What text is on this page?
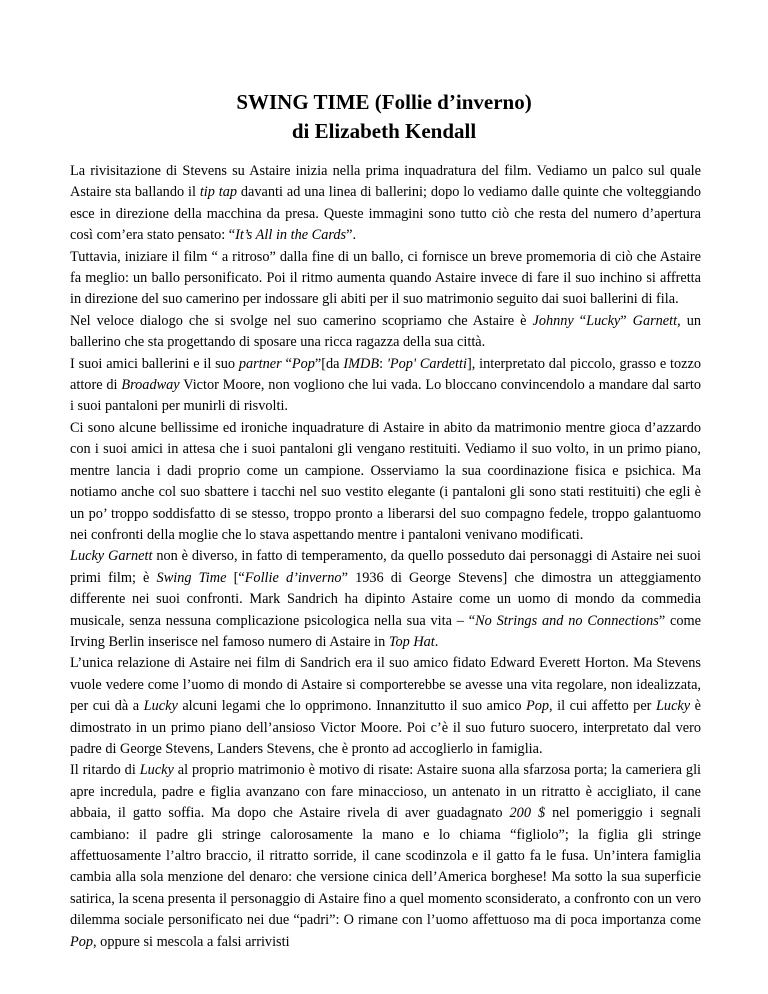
SWING TIME (Follie d’inverno)
di Elizabeth Kendall

La rivisitazione di Stevens su Astaire inizia nella prima inquadratura del film. Vediamo un palco sul quale Astaire sta ballando il tip tap davanti ad una linea di ballerini; dopo lo vediamo dalle quinte che volteggiando esce in direzione della macchina da presa. Queste immagini sono tutto ciò che resta del numero d’apertura così com’era stato pensato: “It’s All in the Cards”.

Tuttavia, iniziare il film “ a ritroso” dalla fine di un ballo, ci fornisce un breve promemoria di ciò che Astaire fa meglio: un ballo personificato. Poi il ritmo aumenta quando Astaire invece di fare il suo inchino si affretta in direzione del suo camerino per indossare gli abiti per il suo matrimonio seguito dai suoi ballerini di fila.

Nel veloce dialogo che si svolge nel suo camerino scopriamo che Astaire è Johnny “Lucky” Garnett, un ballerino che sta progettando di sposare una ricca ragazza della sua città.

I suoi amici ballerini e il suo partner “Pop”[da IMDB: 'Pop' Cardetti], interpretato dal piccolo, grasso e tozzo attore di Broadway Victor Moore, non vogliono che lui vada. Lo bloccano convincendolo a mandare dal sarto i suoi pantaloni per munirli di risvolti.

Ci sono alcune bellissime ed ironiche inquadrature di Astaire in abito da matrimonio mentre gioca d’azzardo con i suoi amici in attesa che i suoi pantaloni gli vengano restituiti. Vediamo il suo volto, in un primo piano, mentre lancia i dadi proprio come un campione. Osserviamo la sua coordinazione fisica e psichica. Ma notiamo anche col suo sbattere i tacchi nel suo vestito elegante (i pantaloni gli sono stati restituiti) che egli è un po’ troppo soddisfatto di se stesso, troppo pronto a liberarsi del suo compagno fedele, troppo galantuomo nei confronti della moglie che lo stava aspettando mentre i pantaloni venivano modificati.

Lucky Garnett non è diverso, in fatto di temperamento, da quello posseduto dai personaggi di Astaire nei suoi primi film; è Swing Time [“Follie d’inverno” 1936 di George Stevens] che dimostra un atteggiamento differente nei suoi confronti. Mark Sandrich ha dipinto Astaire come un uomo di mondo da commedia musicale, senza nessuna complicazione psicologica nella sua vita – “No Strings and no Connections” come Irving Berlin inserisce nel famoso numero di Astaire in Top Hat.

L’unica relazione di Astaire nei film di Sandrich era il suo amico fidato Edward Everett Horton. Ma Stevens vuole vedere come l’uomo di mondo di Astaire si comporterebbe se avesse una vita regolare, non idealizzata, per cui dà a Lucky alcuni legami che lo opprimono. Innanzitutto il suo amico Pop, il cui affetto per Lucky è dimostrato in un primo piano dell’ansioso Victor Moore. Poi c’è il suo futuro suocero, interpretato dal vero padre di George Stevens, Landers Stevens, che è pronto ad accoglierlo in famiglia.

Il ritardo di Lucky al proprio matrimonio è motivo di risate: Astaire suona alla sfarzosa porta; la cameriera gli apre incredula, padre e figlia avanzano con fare minaccioso, un antenato in un ritratto è accigliato, il cane abbaia, il gatto soffia. Ma dopo che Astaire rivela di aver guadagnato 200 $ nel pomeriggio i segnali cambiano: il padre gli stringe calorosamente la mano e lo chiama “figliolo”; la figlia gli stringe affettuosamente l’altro braccio, il ritratto sorride, il cane scodinzola e il gatto fa le fusa. Un’intera famiglia cambia alla sola menzione del denaro: che versione cinica dell’America borghese! Ma sotto la sua superficie satirica, la scena presenta il personaggio di Astaire fino a quel momento sconsiderato, a confronto con un vero dilemma sociale personificato nei due “padri”: O rimane con l’uomo affettuoso ma di poca importanza come Pop, oppure si mescola a falsi arrivisti
